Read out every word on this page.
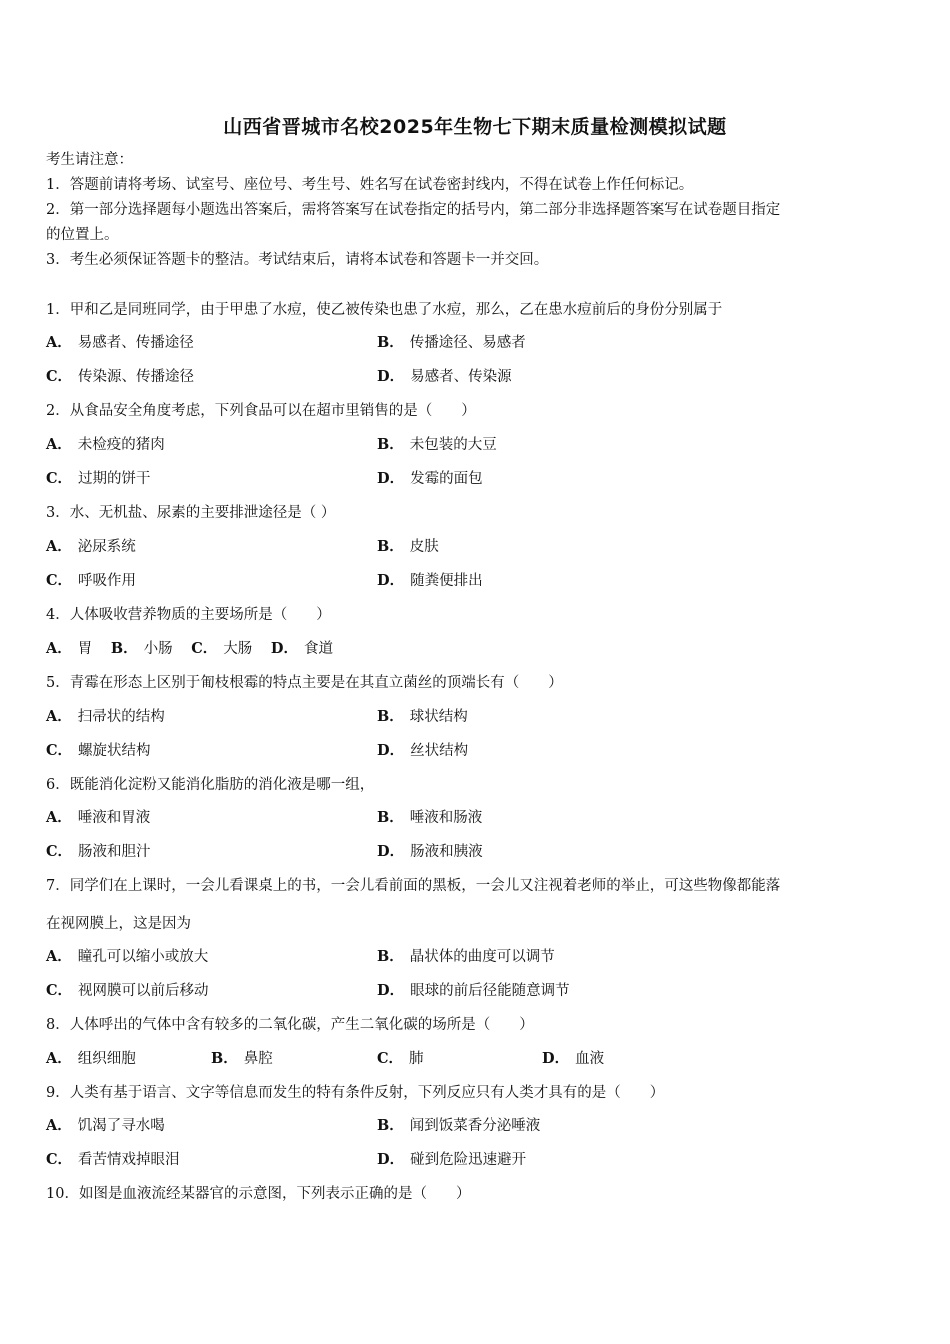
山西省晋城市名校2025年生物七下期末质量检测模拟试题
考生请注意：
1．答题前请将考场、试室号、座位号、考生号、姓名写在试卷密封线内，不得在试卷上作任何标记。
2．第一部分选择题每小题选出答案后，需将答案写在试卷指定的括号内，第二部分非选择题答案写在试卷题目指定
的位置上。
3．考生必须保证答题卡的整洁。考试结束后，请将本试卷和答题卡一并交回。
1．甲和乙是同班同学，由于甲患了水痘，使乙被传染也患了水痘，那么，乙在患水痘前后的身份分别属于
A． 易感者、传播途径	B． 传播途径、易感者
C． 传染源、传播途径	D． 易感者、传染源
2．从食品安全角度考虑，下列食品可以在超市里销售的是（　　）
A． 未检疫的猪肉	B． 未包装的大豆
C． 过期的饼干	D． 发霉的面包
3．水、无机盐、尿素的主要排泄途径是（ ）
A． 泌尿系统	B． 皮肤
C． 呼吸作用	D． 随粪便排出
4．人体吸收营养物质的主要场所是（　　）
A． 胃 B． 小肠 C． 大肠 D． 食道
5．青霉在形态上区别于匍枝根霉的特点主要是在其直立菌丝的顶端长有（　　）
A． 扫帚状的结构	B． 球状结构
C． 螺旋状结构	D． 丝状结构
6．既能消化淀粉又能消化脂肪的消化液是哪一组，
A． 唾液和胃液	B． 唾液和肠液
C． 肠液和胆汁	D． 肠液和胰液
7．同学们在上课时，一会儿看课桌上的书，一会儿看前面的黑板，一会儿又注视着老师的举止，可这些物像都能落
在视网膜上，这是因为
A． 瞳孔可以缩小或放大	B． 晶状体的曲度可以调节
C． 视网膜可以前后移动	D． 眼球的前后径能随意调节
8．人体呼出的气体中含有较多的二氧化碳，产生二氧化碳的场所是（　　）
A． 组织细胞	B． 鼻腔	C． 肺	D． 血液
9．人类有基于语言、文字等信息而发生的特有条件反射，下列反应只有人类才具有的是（　　）
A． 饥渴了寻水喝	B． 闻到饭菜香分泌唾液
C． 看苦情戏掉眼泪	D． 碰到危险迅速避开
10．如图是血液流经某器官的示意图，下列表示正确的是（　　）
